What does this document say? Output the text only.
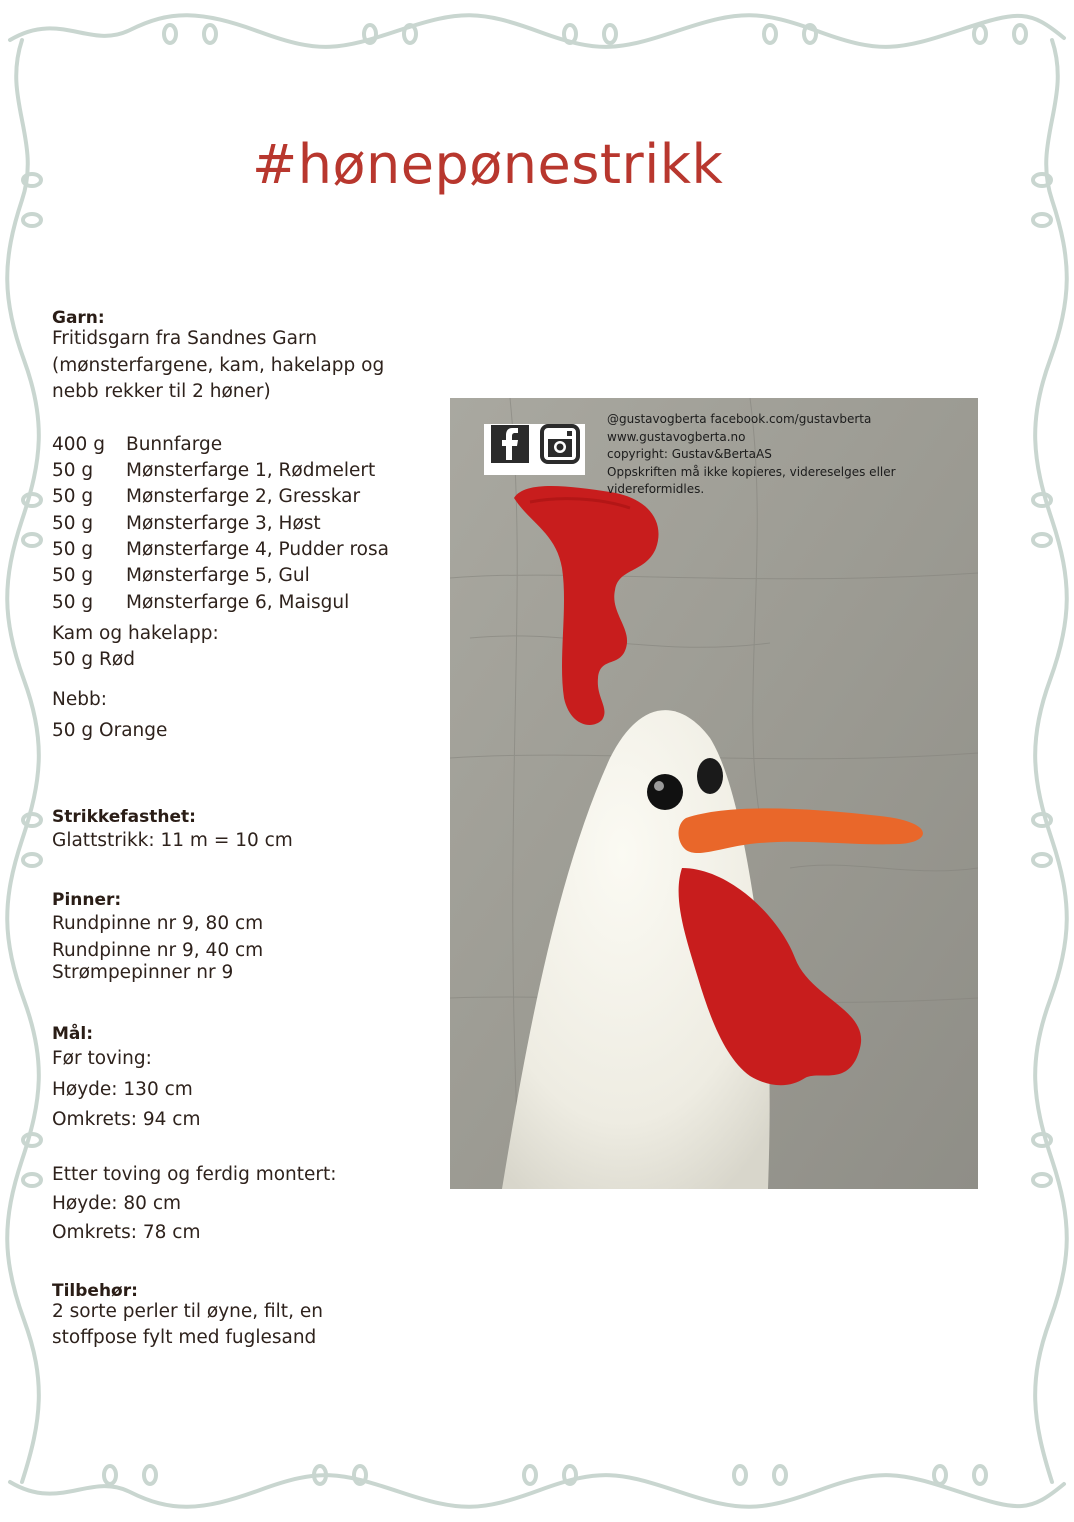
#hønepønestrikk
Garn:
Fritidsgarn fra Sandnes Garn
(mønsterfargene, kam, hakelapp og
nebb rekker til 2 høner)
400 g Bunnfarge
50 g Mønsterfarge 1, Rødmelert
50 g Mønsterfarge 2, Gresskar
50 g Mønsterfarge 3, Høst
50 g Mønsterfarge 4, Pudder rosa
50 g Mønsterfarge 5, Gul
50 g Mønsterfarge 6, Maisgul
Kam og hakelapp:
50 g Rød
Nebb:
50 g Orange
Strikkefasthet:
Glattstrikk: 11 m = 10 cm
Pinner:
Rundpinne nr 9, 80 cm
Rundpinne nr 9, 40 cm
Strømpepinner nr 9
Mål:
Før toving:
Høyde: 130 cm
Omkrets: 94 cm
Etter toving og ferdig montert:
Høyde: 80 cm
Omkrets: 78 cm
Tilbehør:
2 sorte perler til øyne, filt, en
stoffpose fylt med fuglesand
@gustavogberta facebook.com/gustavberta
www.gustavogberta.no
copyright: Gustav&BertaAS
Oppskriften må ikke kopieres, videreselges eller
videreformidles.
